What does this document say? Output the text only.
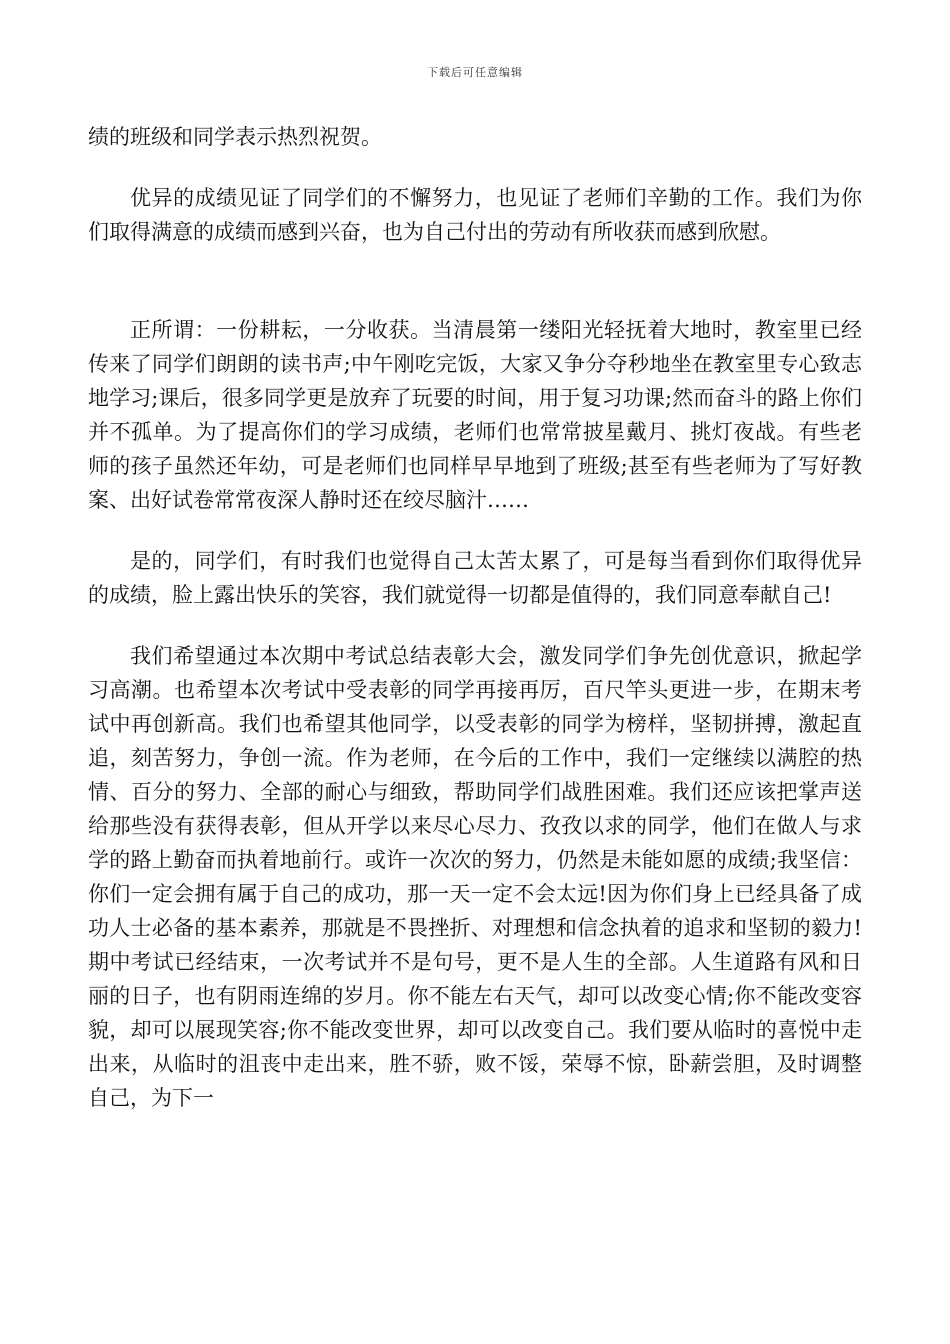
下载后可任意编辑

绩的班级和同学表示热烈祝贺。

优异的成绩见证了同学们的不懈努力，也见证了老师们辛勤的工作。我们为你们取得满意的成绩而感到兴奋，也为自己付出的劳动有所收获而感到欣慰。

正所谓：一份耕耘，一分收获。当清晨第一缕阳光轻抚着大地时，教室里已经传来了同学们朗朗的读书声;中午刚吃完饭，大家又争分夺秒地坐在教室里专心致志地学习;课后，很多同学更是放弃了玩要的时间，用于复习功课;然而奋斗的路上你们并不孤单。为了提高你们的学习成绩，老师们也常常披星戴月、挑灯夜战。有些老师的孩子虽然还年幼，可是老师们也同样早早地到了班级;甚至有些老师为了写好教案、出好试卷常常夜深人静时还在绞尽脑汁……

是的，同学们，有时我们也觉得自己太苦太累了，可是每当看到你们取得优异的成绩，脸上露出快乐的笑容，我们就觉得一切都是值得的，我们同意奉献自己!

我们希望通过本次期中考试总结表彰大会，激发同学们争先创优意识，掀起学习高潮。也希望本次考试中受表彰的同学再接再厉，百尺竿头更进一步，在期末考试中再创新高。我们也希望其他同学，以受表彰的同学为榜样，坚韧拼搏，激起直追，刻苦努力，争创一流。作为老师，在今后的工作中，我们一定继续以满腔的热情、百分的努力、全部的耐心与细致，帮助同学们战胜困难。我们还应该把掌声送给那些没有获得表彰，但从开学以来尽心尽力、孜孜以求的同学，他们在做人与求学的路上勤奋而执着地前行。或许一次次的努力，仍然是未能如愿的成绩;我坚信：你们一定会拥有属于自己的成功，那一天一定不会太远!因为你们身上已经具备了成功人士必备的基本素养，那就是不畏挫折、对理想和信念执着的追求和坚韧的毅力!　　期中考试已经结束，一次考试并不是句号，更不是人生的全部。人生道路有风和日丽的日子，也有阴雨连绵的岁月。你不能左右天气，却可以改变心情;你不能改变容貌，却可以展现笑容;你不能改变世界，却可以改变自己。我们要从临时的喜悦中走出来，从临时的沮丧中走出来，胜不骄，败不馁，荣辱不惊，卧薪尝胆，及时调整自己，为下一
